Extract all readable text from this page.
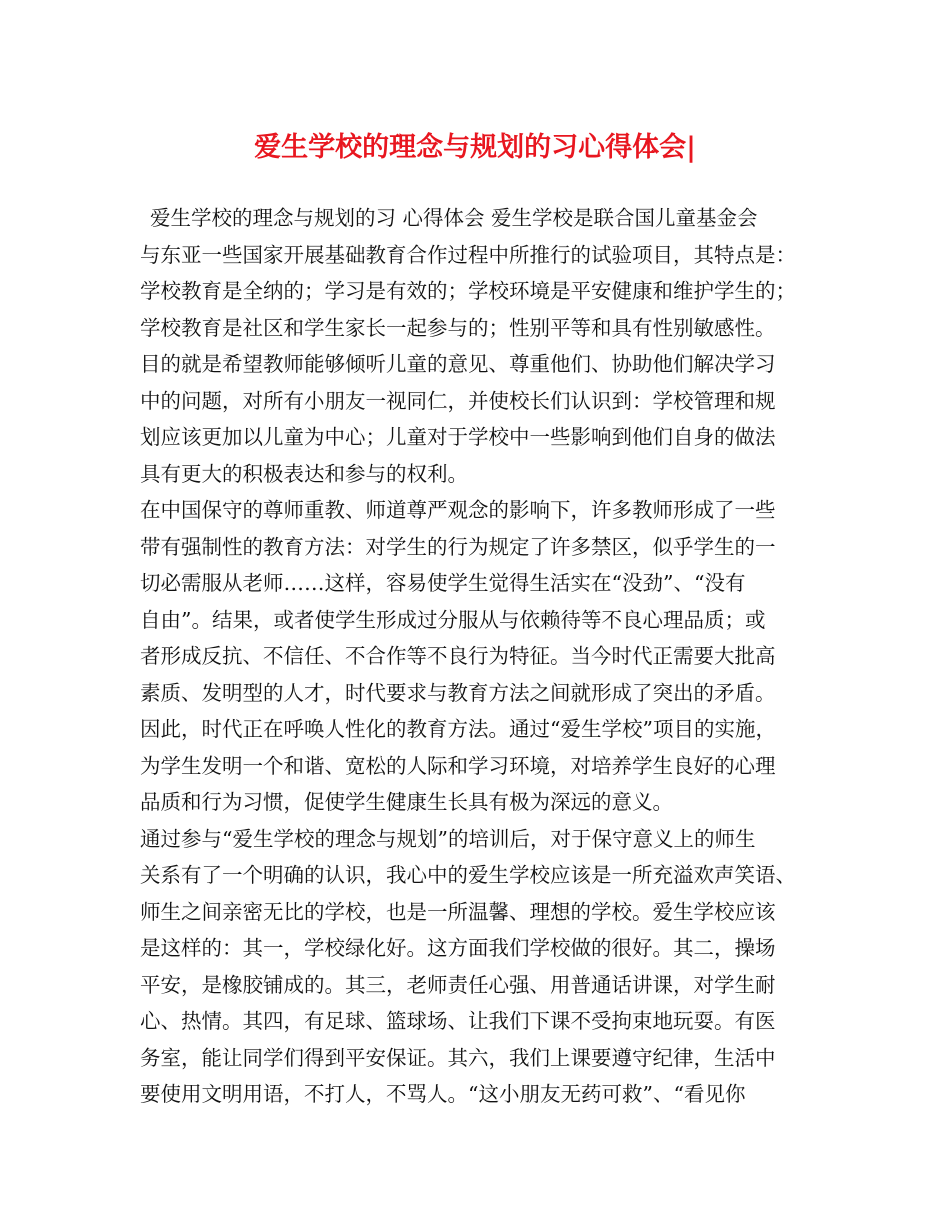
爱生学校的理念与规划的习心得体会|
爱生学校的理念与规划的习 心得体会 爱生学校是联合国儿童基金会
与东亚一些国家开展基础教育合作过程中所推行的试验项目，其特点是：
学校教育是全纳的；学习是有效的；学校环境是平安健康和维护学生的；
学校教育是社区和学生家长一起参与的；性别平等和具有性别敏感性。
目的就是希望教师能够倾听儿童的意见、尊重他们、协助他们解决学习
中的问题，对所有小朋友一视同仁，并使校长们认识到：学校管理和规
划应该更加以儿童为中心；儿童对于学校中一些影响到他们自身的做法
具有更大的积极表达和参与的权利。
在中国保守的尊师重教、师道尊严观念的影响下，许多教师形成了一些
带有强制性的教育方法：对学生的行为规定了许多禁区，似乎学生的一
切必需服从老师……这样，容易使学生觉得生活实在“没劲”、“没有
自由”。结果，或者使学生形成过分服从与依赖待等不良心理品质；或
者形成反抗、不信任、不合作等不良行为特征。当今时代正需要大批高
素质、发明型的人才，时代要求与教育方法之间就形成了突出的矛盾。
因此，时代正在呼唤人性化的教育方法。通过“爱生学校”项目的实施，
为学生发明一个和谐、宽松的人际和学习环境，对培养学生良好的心理
品质和行为习惯，促使学生健康生长具有极为深远的意义。
通过参与“爱生学校的理念与规划”的培训后，对于保守意义上的师生
关系有了一个明确的认识，我心中的爱生学校应该是一所充溢欢声笑语、
师生之间亲密无比的学校，也是一所温馨、理想的学校。爱生学校应该
是这样的：其一，学校绿化好。这方面我们学校做的很好。其二，操场
平安，是橡胶铺成的。其三，老师责任心强、用普通话讲课，对学生耐
心、热情。其四，有足球、篮球场、让我们下课不受拘束地玩耍。有医
务室，能让同学们得到平安保证。其六，我们上课要遵守纪律，生活中
要使用文明用语，不打人，不骂人。“这小朋友无药可救”、“看见你
